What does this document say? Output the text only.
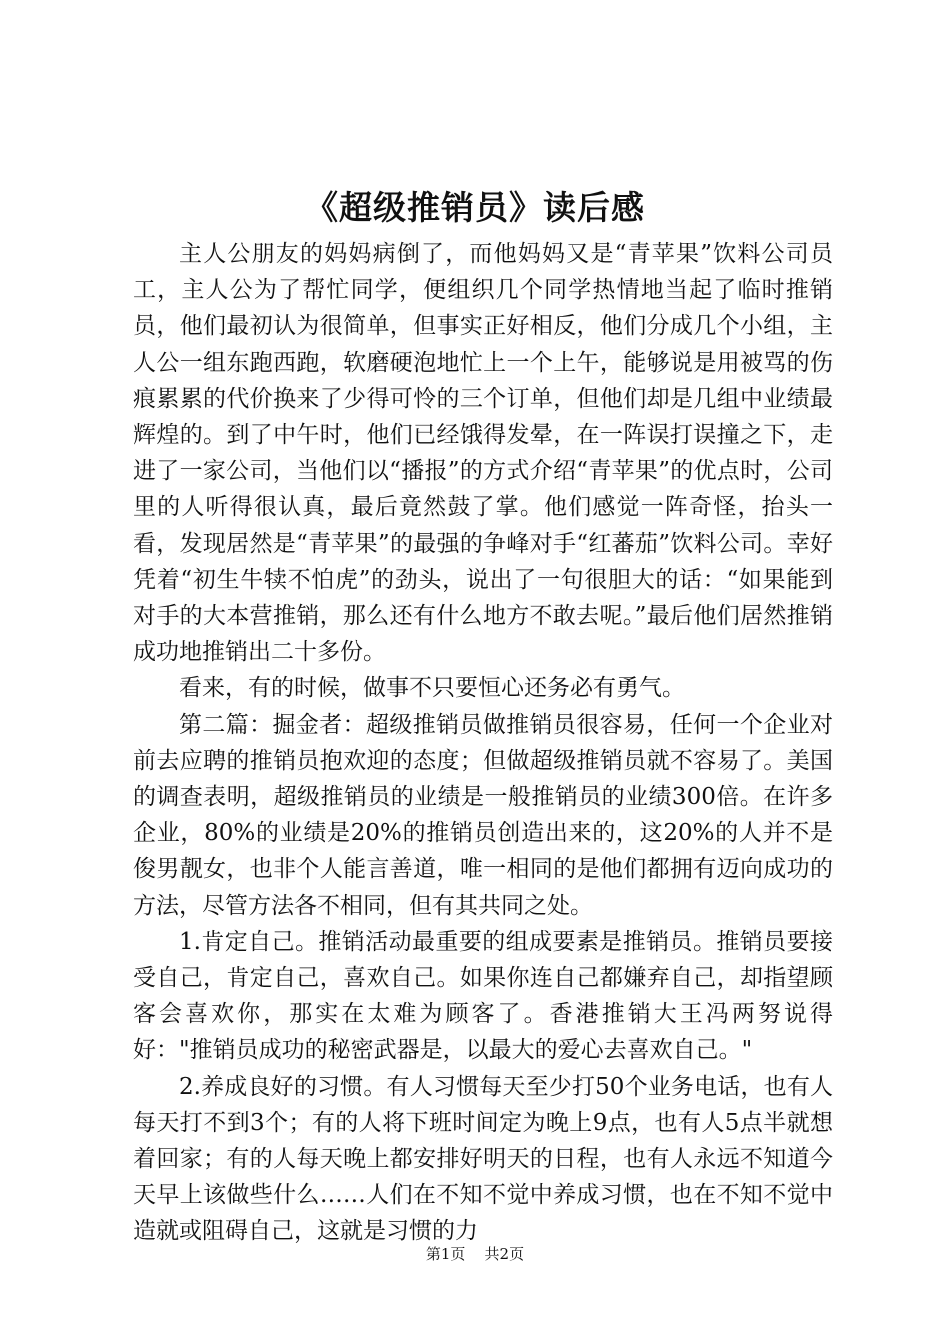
《超级推销员》读后感

主人公朋友的妈妈病倒了，而他妈妈又是“青苹果”饮料公司员工，主人公为了帮忙同学，便组织几个同学热情地当起了临时推销员，他们最初认为很简单，但事实正好相反，他们分成几个小组，主人公一组东跑西跑，软磨硬泡地忙上一个上午，能够说是用被骂的伤痕累累的代价换来了少得可怜的三个订单，但他们却是几组中业绩最辉煌的。到了中午时，他们已经饿得发晕，在一阵误打误撞之下，走进了一家公司，当他们以“播报”的方式介绍“青苹果”的优点时，公司里的人听得很认真，最后竟然鼓了掌。他们感觉一阵奇怪，抬头一看，发现居然是“青苹果”的最强的争峰对手“红蕃茄”饮料公司。幸好凭着“初生牛犊不怕虎”的劲头，说出了一句很胆大的话：“如果能到对手的大本营推销，那么还有什么地方不敢去呢。”最后他们居然推销成功地推销出二十多份。

看来，有的时候，做事不只要恒心还务必有勇气。

第二篇：掘金者：超级推销员做推销员很容易，任何一个企业对前去应聘的推销员抱欢迎的态度；但做超级推销员就不容易了。美国的调查表明，超级推销员的业绩是一般推销员的业绩300倍。在许多企业，80%的业绩是20%的推销员创造出来的，这20%的人并不是俊男靓女，也非个人能言善道，唯一相同的是他们都拥有迈向成功的方法，尽管方法各不相同，但有其共同之处。

1.肯定自己。推销活动最重要的组成要素是推销员。推销员要接受自己，肯定自己，喜欢自己。如果你连自己都嫌弃自己，却指望顾客会喜欢你，那实在太难为顾客了。香港推销大王冯两努说得好："推销员成功的秘密武器是，以最大的爱心去喜欢自己。"

2.养成良好的习惯。有人习惯每天至少打50个业务电话，也有人每天打不到3个；有的人将下班时间定为晚上9点，也有人5点半就想着回家；有的人每天晚上都安排好明天的日程，也有人永远不知道今天早上该做些什么……人们在不知不觉中养成习惯，也在不知不觉中造就或阻碍自己，这就是习惯的力

第1页 共2页
